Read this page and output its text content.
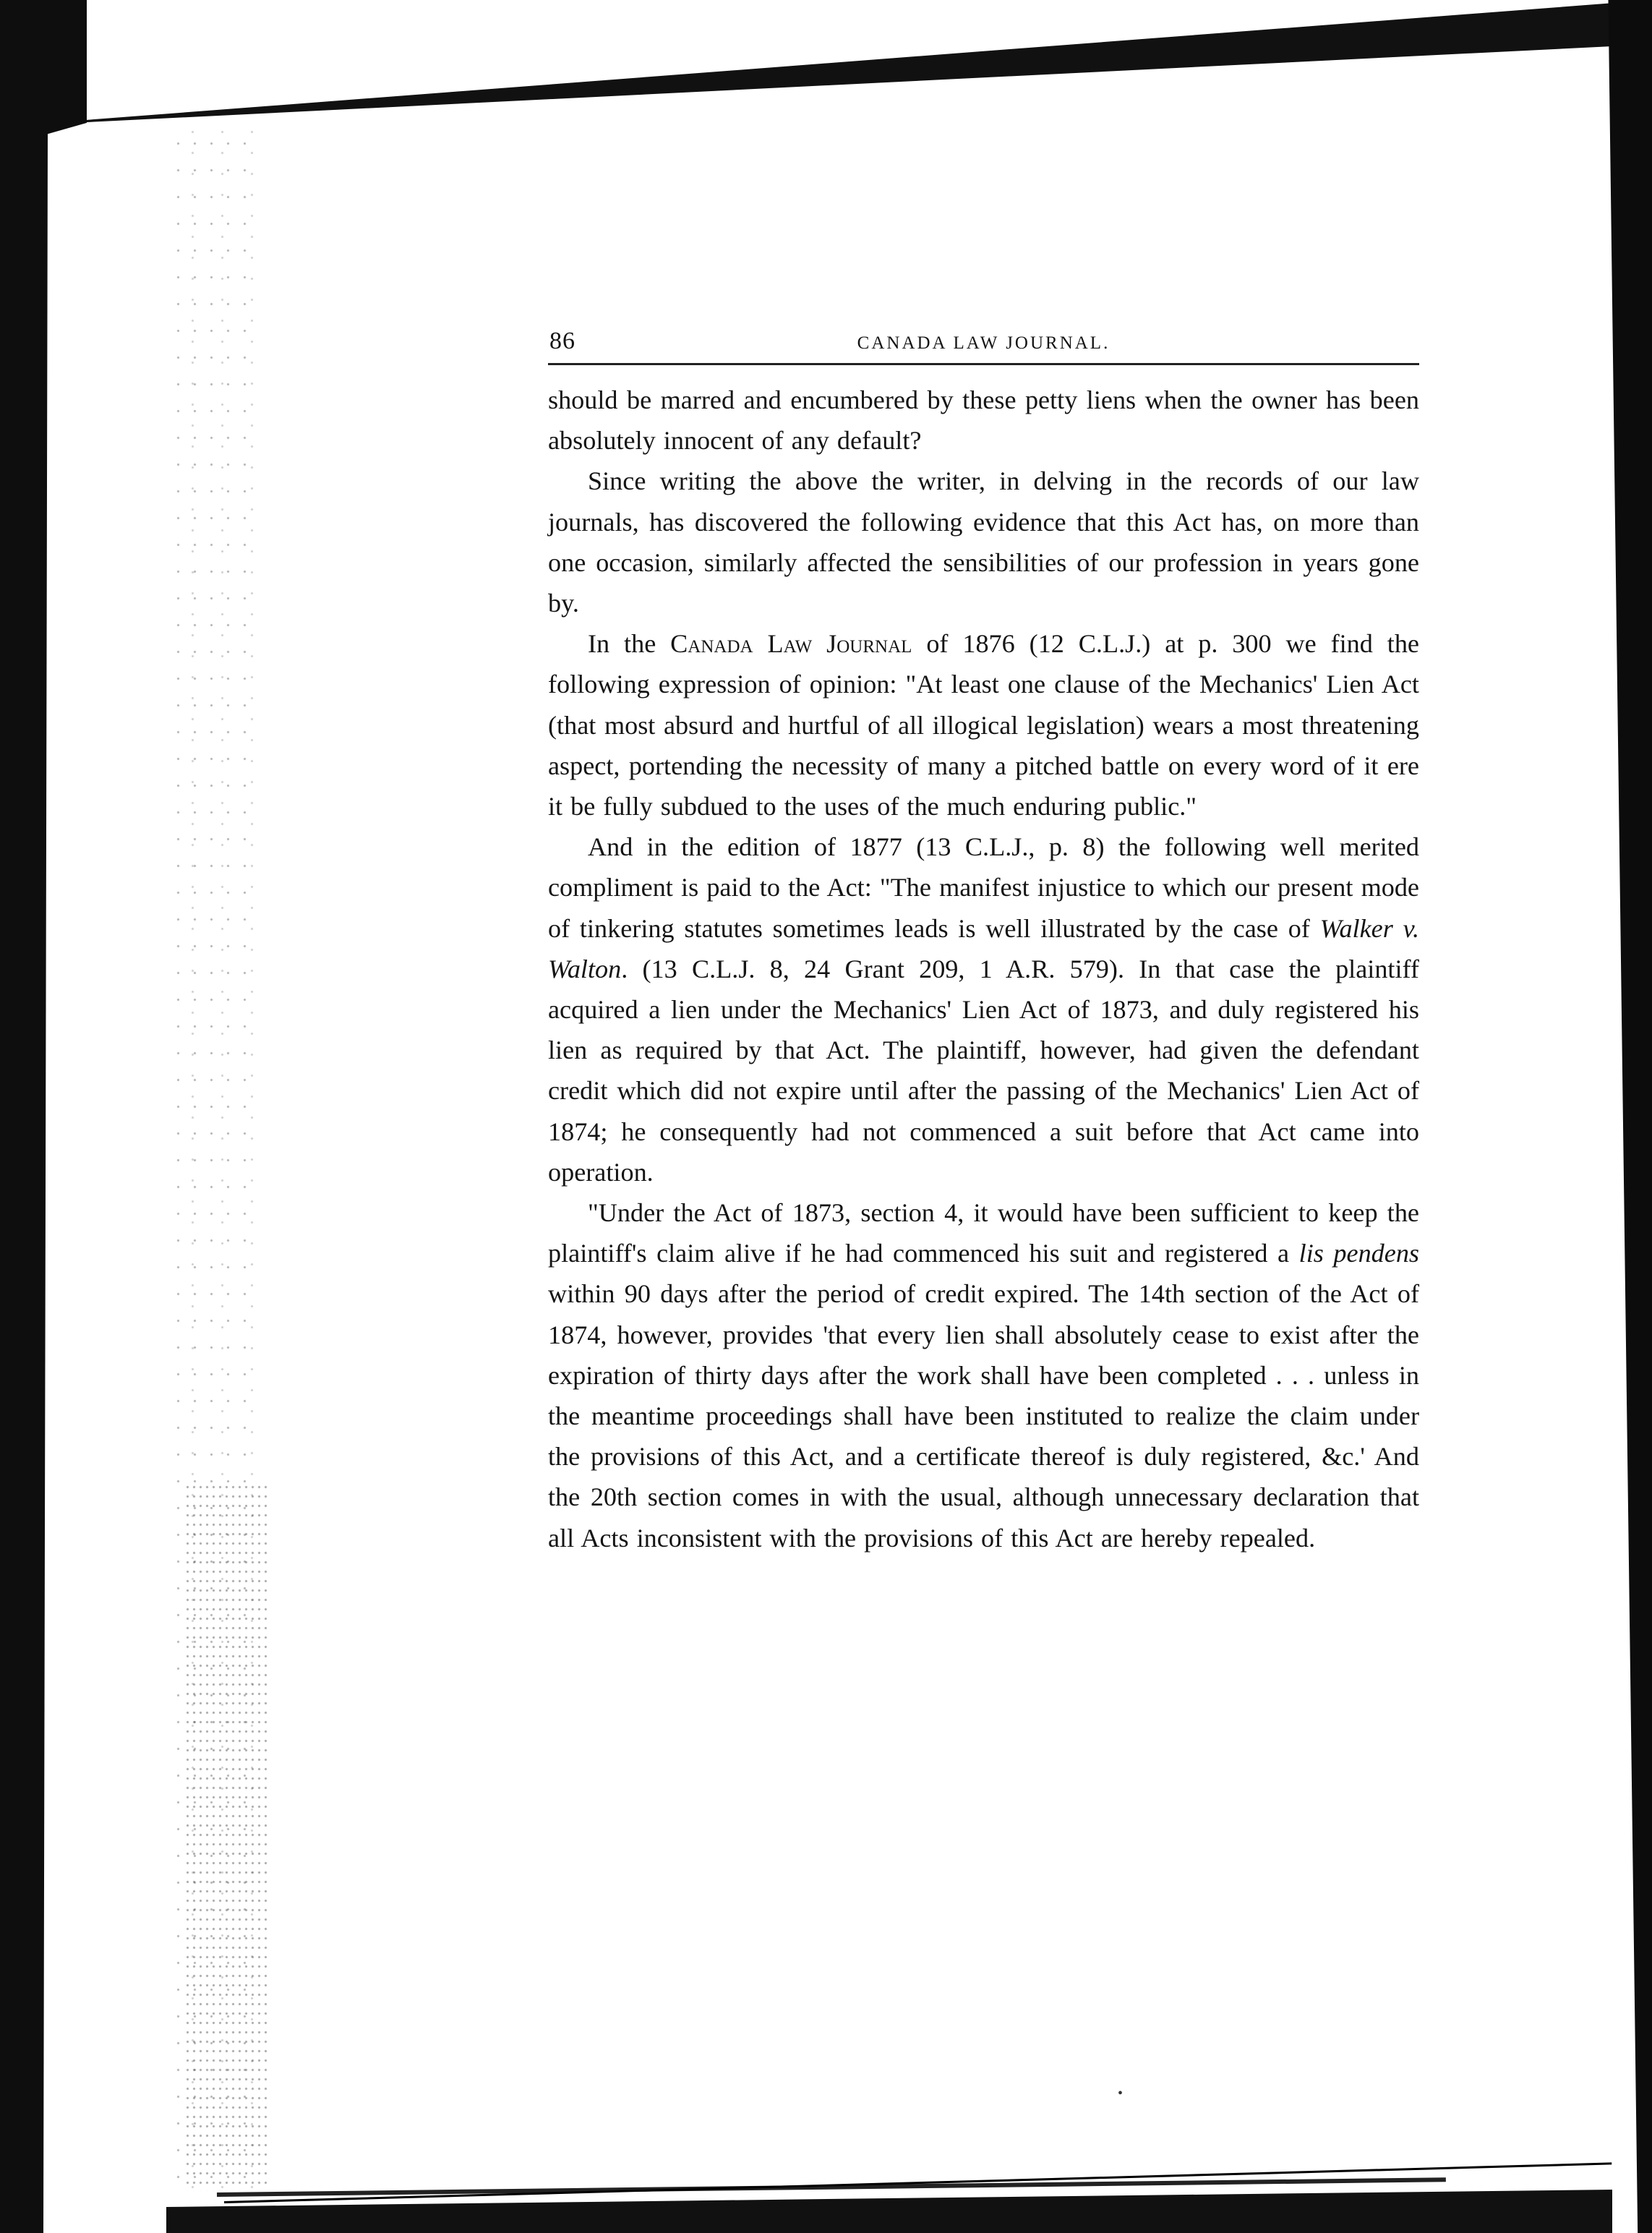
86	CANADA LAW JOURNAL.

should be marred and encumbered by these petty liens when the owner has been absolutely innocent of any default?

Since writing the above the writer, in delving in the records of our law journals, has discovered the following evidence that this Act has, on more than one occasion, similarly affected the sensibilities of our profession in years gone by.

In the Canada Law Journal of 1876 (12 C.L.J.) at p. 300 we find the following expression of opinion: "At least one clause of the Mechanics' Lien Act (that most absurd and hurtful of all illogical legislation) wears a most threatening aspect, portending the necessity of many a pitched battle on every word of it ere it be fully subdued to the uses of the much enduring public."

And in the edition of 1877 (13 C.L.J., p. 8) the following well merited compliment is paid to the Act: "The manifest injustice to which our present mode of tinkering statutes sometimes leads is well illustrated by the case of Walker v. Walton. (13 C.L.J. 8, 24 Grant 209, 1 A.R. 579). In that case the plaintiff acquired a lien under the Mechanics' Lien Act of 1873, and duly registered his lien as required by that Act. The plaintiff, however, had given the defendant credit which did not expire until after the passing of the Mechanics' Lien Act of 1874; he consequently had not commenced a suit before that Act came into operation.

"Under the Act of 1873, section 4, it would have been sufficient to keep the plaintiff's claim alive if he had commenced his suit and registered a lis pendens within 90 days after the period of credit expired. The 14th section of the Act of 1874, however, provides 'that every lien shall absolutely cease to exist after the expiration of thirty days after the work shall have been completed . . . unless in the meantime proceedings shall have been instituted to realize the claim under the provisions of this Act, and a certificate thereof is duly registered, &c.' And the 20th section comes in with the usual, although unnecessary declaration that all Acts inconsistent with the provisions of this Act are hereby repealed.

•
